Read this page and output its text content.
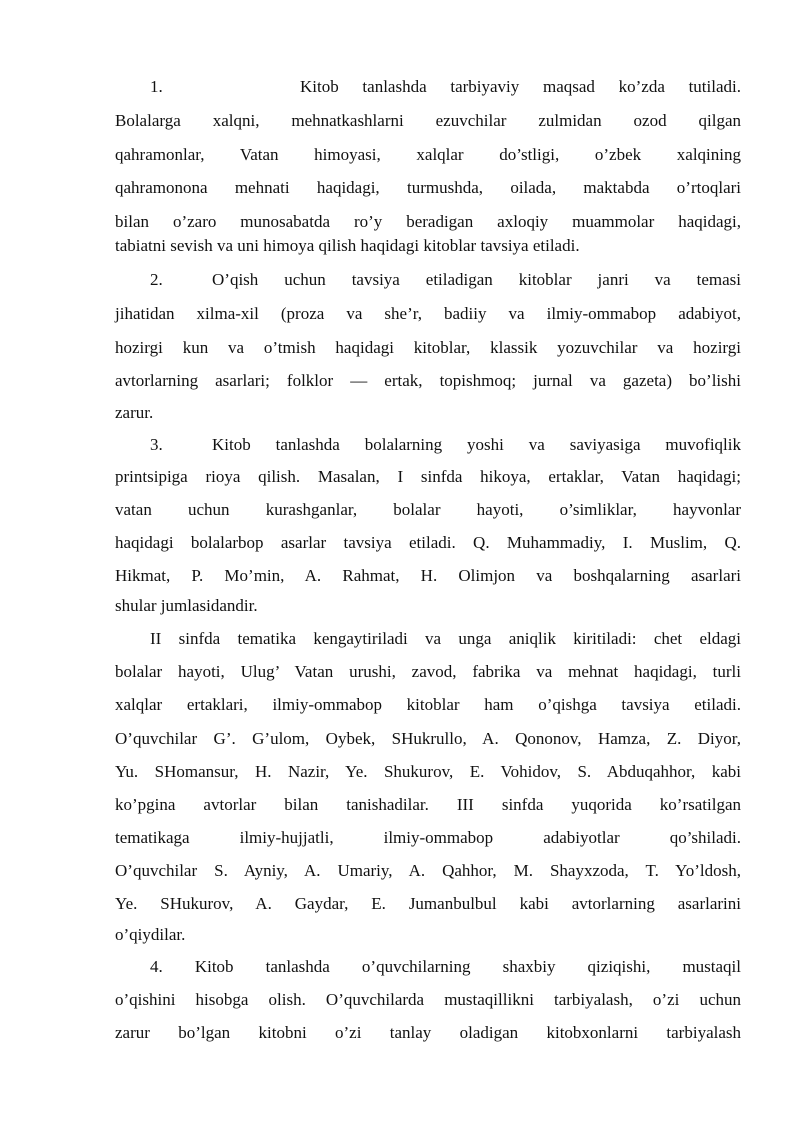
1.	Kitob tanlashda tarbiyaviy maqsad ko’zda tutiladi.
Bolalarga xalqni, mehnatkashlarni ezuvchilar zulmidan ozod qilgan
qahramonlar, Vatan himoyasi, xalqlar do’stligi, o’zbek xalqining
qahramonona mehnati haqidagi, turmushda, oilada, maktabda o’rtoqlari
bilan o’zaro munosabatda ro’y beradigan axloqiy muammolar haqidagi,
tabiatni sevish va uni himoya qilish haqidagi kitoblar tavsiya etiladi.
2.	O’qish uchun tavsiya etiladigan kitoblar janri va temasi
jihatidan xilma-xil (proza va she’r, badiiy va ilmiy-ommabop adabiyot,
hozirgi kun va o’tmish haqidagi kitoblar, klassik yozuvchilar va hozirgi
avtorlarning asarlari; folklor — ertak, topishmoq; jurnal va gazeta) bo’lishi
zarur.
3.	Kitob tanlashda bolalarning yoshi va saviyasiga muvofiqlik
printsipiga rioya qilish. Masalan, I sinfda hikoya, ertaklar, Vatan haqidagi;
vatan uchun kurashganlar, bolalar hayoti, o’simliklar, hayvonlar
haqidagi bolalarbop asarlar tavsiya etiladi. Q. Muhammadiy, I. Muslim, Q.
Hikmat, P. Mo’min, A. Rahmat, H. Olimjon va boshqalarning asarlari
shular jumlasidandir.
II sinfda tematika kengaytiriladi va unga aniqlik kiritiladi: chet eldagi
bolalar hayoti, Ulug’ Vatan urushi, zavod, fabrika va mehnat haqidagi, turli
xalqlar ertaklari, ilmiy-ommabop kitoblar ham o’qishga tavsiya etiladi.
O’quvchilar G’. G’ulom, Oybek, SHukrullo, A. Qononov, Hamza, Z. Diyor,
Yu. SHomansur, H. Nazir, Ye. Shukurov, E. Vohidov, S. Abduqahhor, kabi
ko’pgina avtorlar bilan tanishadilar. III sinfda yuqorida ko’rsatilgan
tematikaga ilmiy-hujjatli, ilmiy-ommabop adabiyotlar qo’shiladi.
O’quvchilar S. Ayniy, A. Umariy, A. Qahhor, M. Shayxzoda, T. Yo’ldosh,
Ye. SHukurov, A. Gaydar, E. Jumanbulbul kabi avtorlarning asarlarini
o’qiydilar.
4. Kitob tanlashda o’quvchilarning shaxbiy qiziqishi, mustaqil
o’qishini hisobga olish. O’quvchilarda mustaqillikni tarbiyalash, o’zi uchun
zarur bo’lgan kitobni o’zi tanlay oladigan kitobxonlarni tarbiyalash
